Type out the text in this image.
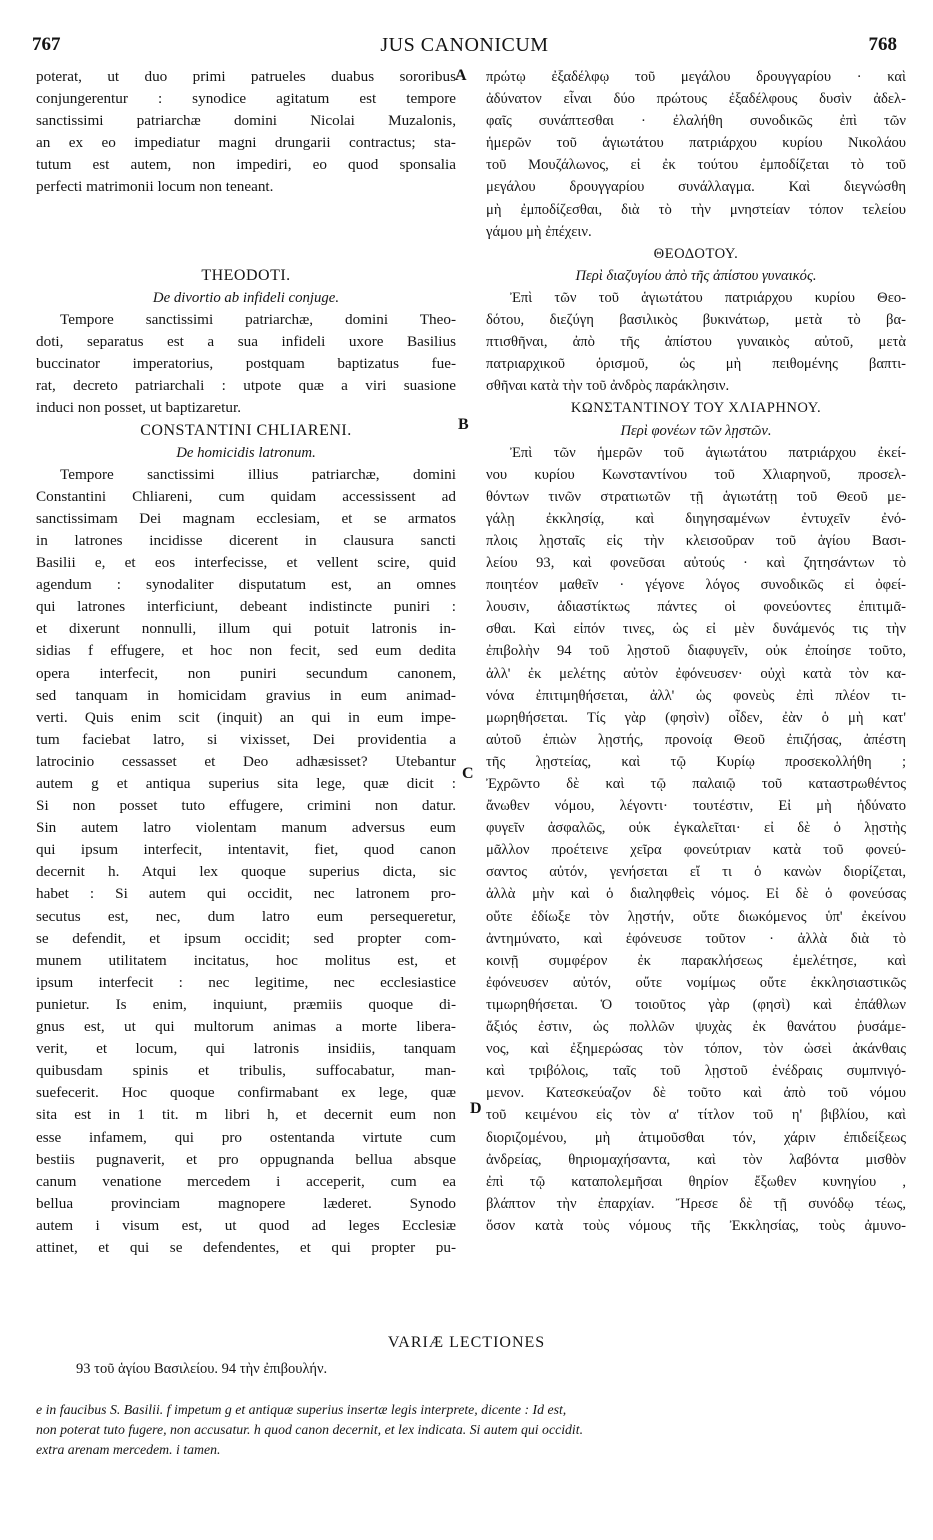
767	JUS CANONICUM	768
poterat, ut duo primi patrueles duabus sororibus
conjungerentur : synodice agitatum est tempore
sanctissimi patriarchæ domini Nicolai Muzalonis,
an ex eo impediatur magni drungarii contractus; sta-
tutum est autem, non impediri, eo quod sponsalia
perfecti matrimonii locum non teneant.
THEODOTI.
De divortio ab infideli conjuge.
Tempore sanctissimi patriarchæ, domini Theo-
doti, separatus est a sua infideli uxore Basilius
buccinator imperatorius, postquam baptizatus fue-
rat, decreto patriarchali : utpote quæ a viri suasione
induci non posset, ut baptizaretur.
CONSTANTINI CHLIARENI.
De homicidis latronum.
Tempore sanctissimi illius patriarchæ, domini
Constantini Chliareni, cum quidam accessissent ad
sanctissimam Dei magnam ecclesiam, et se armatos
in latrones incidisse dicerent in clausura sancti
Basilii e, et eos interfecisse, et vellent scire, quid
agendum : synodaliter disputatum est, an omnes
qui latrones interficiunt, debeant indistincte puniri :
et dixerunt nonnulli, illum qui potuit latronis in-
sidias f effugere, et hoc non fecit, sed eum dedita
opera interfecit, non puniri secundum canonem,
sed tanquam in homicidam gravius in eum animad-
verti. Quis enim scit (inquit) an qui in eum impe-
tum faciebat latro, si vixisset, Dei providentia a
latrocinio cessasset et Deo adhæsisset? Utebantur
autem g et antiqua superius sita lege, quæ dicit :
Si non posset tuto effugere, crimini non datur.
Sin autem latro violentam manum adversus eum
qui ipsum interfecit, intentavit, fiet, quod canon
decernit h. Atqui lex quoque superius dicta, sic
habet : Si autem qui occidit, nec latronem pro-
secutus est, nec, dum latro eum persequeretur,
se defendit, et ipsum occidit; sed propter com-
munem utilitatem incitatus, hoc molitus est, et
ipsum interfecit : nec legitime, nec ecclesiastice
punietur. Is enim, inquiunt, præmiis quoque di-
gnus est, ut qui multorum animas a morte libera-
verit, et locum, qui latronis insidiis, tanquam
quibusdam spinis et tribulis, suffocabatur, man-
suefecerit. Hoc quoque confirmabant ex lege, quæ
sita est in 1 tit. m libri h, et decernit eum non
esse infamem, qui pro ostentanda virtute cum
bestiis pugnaverit, et pro oppugnanda bellua absque
canum venatione mercedem i acceperit, cum ea
bellua provinciam magnopere læderet. Synodo
autem i visum est, ut quod ad leges Ecclesiæ
attinet, et qui se defendentes, et qui propter pu-
πρώτῳ ἐξαδέλφῳ τοῦ μεγάλου δρουγγαρίου · καὶ
ἀδύνατον εἶναι δύο πρώτους ἐξαδέλφους δυσὶν ἀδελ-
φαῖς συνάπτεσθαι · ἐλαλήθη συνοδικῶς ἐπὶ τῶν
ἡμερῶν τοῦ ἁγιωτάτου πατριάρχου κυρίου Νικολάου
τοῦ Μουζάλωνος, εἰ ἐκ τούτου ἐμποδίζεται τὸ τοῦ
μεγάλου δρουγγαρίου συνάλλαγμα. Καὶ διεγνώσθη
μὴ ἐμποδίζεσθαι, διὰ τὸ τὴν μνηστείαν τόπον τελείου
γάμου μὴ ἐπέχειν.
ΘΕΟΔΟΤΟΥ.
Περὶ διαζυγίου ἀπὸ τῆς ἀπίστου γυναικός.
Ἐπὶ τῶν τοῦ ἁγιωτάτου πατριάρχου κυρίου Θεο-
δότου, διεζύγη βασιλικὸς βυκινάτωρ, μετὰ τὸ βα-
πτισθῆναι, ἀπὸ τῆς ἀπίστου γυναικὸς αὐτοῦ, μετὰ
πατριαρχικοῦ ὁρισμοῦ, ὡς μὴ πειθομένης βαπτι-
σθῆναι κατὰ τὴν τοῦ ἀνδρὸς παράκλησιν.
ΚΩΝΣΤΑΝΤΙΝΟΥ ΤΟΥ ΧΛΙΑΡΗΝΟΥ.
Περὶ φονέων τῶν λῃστῶν.
Ἐπὶ τῶν ἡμερῶν τοῦ ἁγιωτάτου πατριάρχου ἐκεί-
νου κυρίου Κωνσταντίνου τοῦ Χλιαρηνοῦ, προσελ-
θόντων τινῶν στρατιωτῶν τῇ ἁγιωτάτῃ τοῦ Θεοῦ με-
γάλῃ ἐκκλησίᾳ, καὶ διηγησαμένων ἐντυχεῖν ἐνό-
πλοις λῃσταῖς εἰς τὴν κλεισοῦραν τοῦ ἁγίου Βασι-
λείου 93, καὶ φονεῦσαι αὐτούς · καὶ ζητησάντων τὸ
ποιητέον μαθεῖν · γέγονε λόγος συνοδικῶς εἰ ὀφεί-
λουσιν, ἀδιαστίκτως πάντες οἱ φονεύοντες ἐπιτιμᾶ-
σθαι. Καὶ εἰπόν τινες, ὡς εἰ μὲν δυνάμενός τις τὴν
ἐπιβολὴν 94 τοῦ λῃστοῦ διαφυγεῖν, οὐκ ἐποίησε τοῦτο,
ἀλλ' ἐκ μελέτης αὐτὸν ἐφόνευσεν· οὐχὶ κατὰ τὸν κα-
νόνα ἐπιτιμηθήσεται, ἀλλ' ὡς φονεὺς ἐπὶ πλέον τι-
μωρηθήσεται. Τίς γὰρ (φησὶν) οἶδεν, ἐὰν ὁ μὴ κατ'
αὐτοῦ ἐπιὼν λῃστής, προνοίᾳ Θεοῦ ἐπιζήσας, ἀπέστη
τῆς λῃστείας, καὶ τῷ Κυρίῳ προσεκολλήθη ;
Ἐχρῶντο δὲ καὶ τῷ παλαιῷ τοῦ καταστρωθέντος
ἄνωθεν νόμου, λέγοντι· τουτέστιν, Εἰ μὴ ἠδύνατο
φυγεῖν ἀσφαλῶς, οὐκ ἐγκαλεῖται· εἰ δὲ ὁ λῃστὴς
μᾶλλον προέτεινε χεῖρα φονεύτριαν κατὰ τοῦ φονεύ-
σαντος αὐτόν, γενήσεται εἴ τι ὁ κανὼν διορίζεται,
ἀλλὰ μὴν καὶ ὁ διαληφθεὶς νόμος. Εἰ δὲ ὁ φονεύσας
οὔτε ἐδίωξε τὸν λῃστήν, οὔτε διωκόμενος ὑπ' ἐκείνου
ἀντημύνατο, καὶ ἐφόνευσε τοῦτον · ἀλλὰ διὰ τὸ
κοινῇ συμφέρον ἐκ παρακλήσεως ἐμελέτησε, καὶ
ἐφόνευσεν αὐτόν, οὔτε νομίμως οὔτε ἐκκλησιαστικῶς
τιμωρηθήσεται. Ὁ τοιοῦτος γὰρ (φησὶ) καὶ ἐπάθλων
ἄξιός ἐστιν, ὡς πολλῶν ψυχὰς ἐκ θανάτου ῥυσάμε-
νος, καὶ ἐξημερώσας τὸν τόπον, τὸν ὡσεὶ ἀκάνθαις
καὶ τριβόλοις, ταῖς τοῦ λῃστοῦ ἐνέδραις συμπνιγό-
μενον. Κατεσκεύαζον δὲ τοῦτο καὶ ἀπὸ τοῦ νόμου
τοῦ κειμένου εἰς τὸν α' τίτλον τοῦ η' βιβλίου, καὶ
διοριζομένου, μὴ ἀτιμοῦσθαι τόν, χάριν ἐπιδείξεως
ἀνδρείας, θηριομαχήσαντα, καὶ τὸν λαβόντα μισθὸν
ἐπὶ τῷ καταπολεμῆσαι θηρίον ἔξωθεν κυνηγίου ,
βλάπτον τὴν ἐπαρχίαν. Ἤρεσε δὲ τῇ συνόδῳ τέως,
ὅσον κατὰ τοὺς νόμους τῆς Ἐκκλησίας, τοὺς ἀμυνο-
A
B
C
D
VARIÆ LECTIONES
93 τοῦ ἁγίου Βασιλείου. 94 τὴν ἐπιβουλήν.
e in faucibus S. Basilii. f impetum g et antiquæ superius insertæ legis interprete, dicente : Id est,
non poterat tuto fugere, non accusatur. h quod canon decernit, et lex indicata. Si autem qui occidit.
extra arenam mercedem. i tamen.
